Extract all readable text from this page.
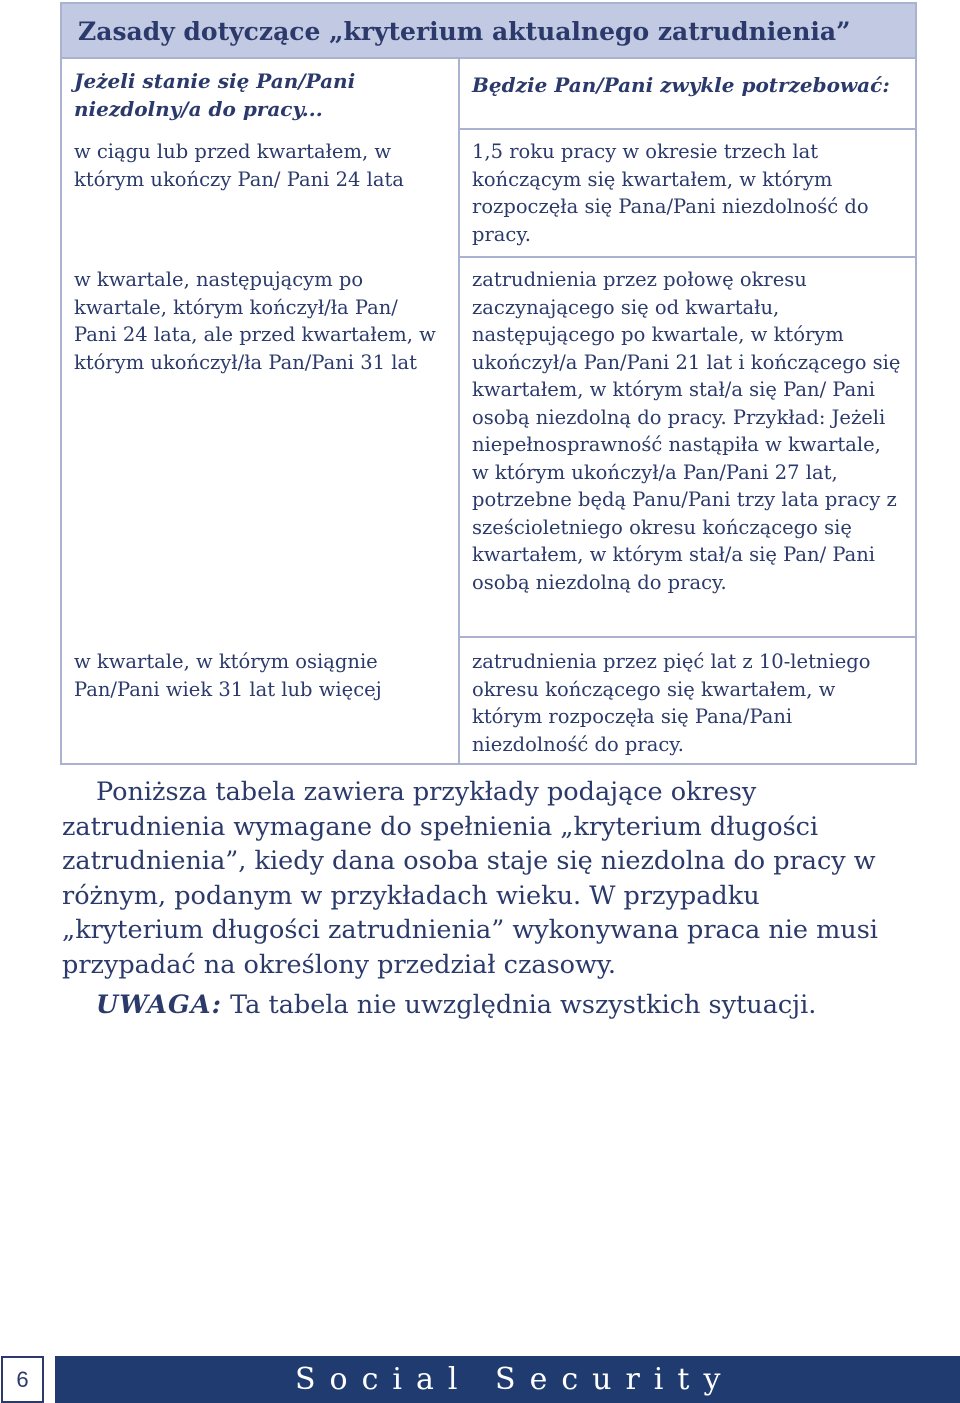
Zasady dotyczące „kryterium aktualnego zatrudnienia”
Jeżeli stanie się Pan/Pani niezdolny/a do pracy...
Będzie Pan/Pani zwykle potrzebować:
w ciągu lub przed kwartałem, w którym ukończy Pan/ Pani 24 lata
1,5 roku pracy w okresie trzech lat kończącym się kwartałem, w którym rozpoczęła się Pana/Pani niezdolność do pracy.
w kwartale, następującym po kwartale, którym kończył/ła Pan/ Pani 24 lata, ale przed kwartałem, w którym ukończył/ła Pan/Pani 31 lat
zatrudnienia przez połowę okresu zaczynającego się od kwartału, następującego po kwartale, w którym ukończył/a Pan/Pani 21 lat i kończącego się kwartałem, w którym stał/a się Pan/ Pani osobą niezdolną do pracy. Przykład: Jeżeli niepełnosprawność nastąpiła w kwartale, w którym ukończył/a Pan/Pani 27 lat, potrzebne będą Panu/Pani trzy lata pracy z sześcioletniego okresu kończącego się kwartałem, w którym stał/a się Pan/ Pani osobą niezdolną do pracy.
w kwartale, w którym osiągnie Pan/Pani wiek 31 lat lub więcej
zatrudnienia przez pięć lat z 10-letniego okresu kończącego się kwartałem, w którym rozpoczęła się Pana/Pani niezdolność do pracy.

Poniższa tabela zawiera przykłady podające okresy zatrudnienia wymagane do spełnienia „kryterium długości zatrudnienia”, kiedy dana osoba staje się niezdolna do pracy w różnym, podanym w przykładach wieku. W przypadku „kryterium długości zatrudnienia” wykonywana praca nie musi przypadać na określony przedział czasowy.

UWAGA: Ta tabela nie uwzględnia wszystkich sytuacji.
6	Social Security
